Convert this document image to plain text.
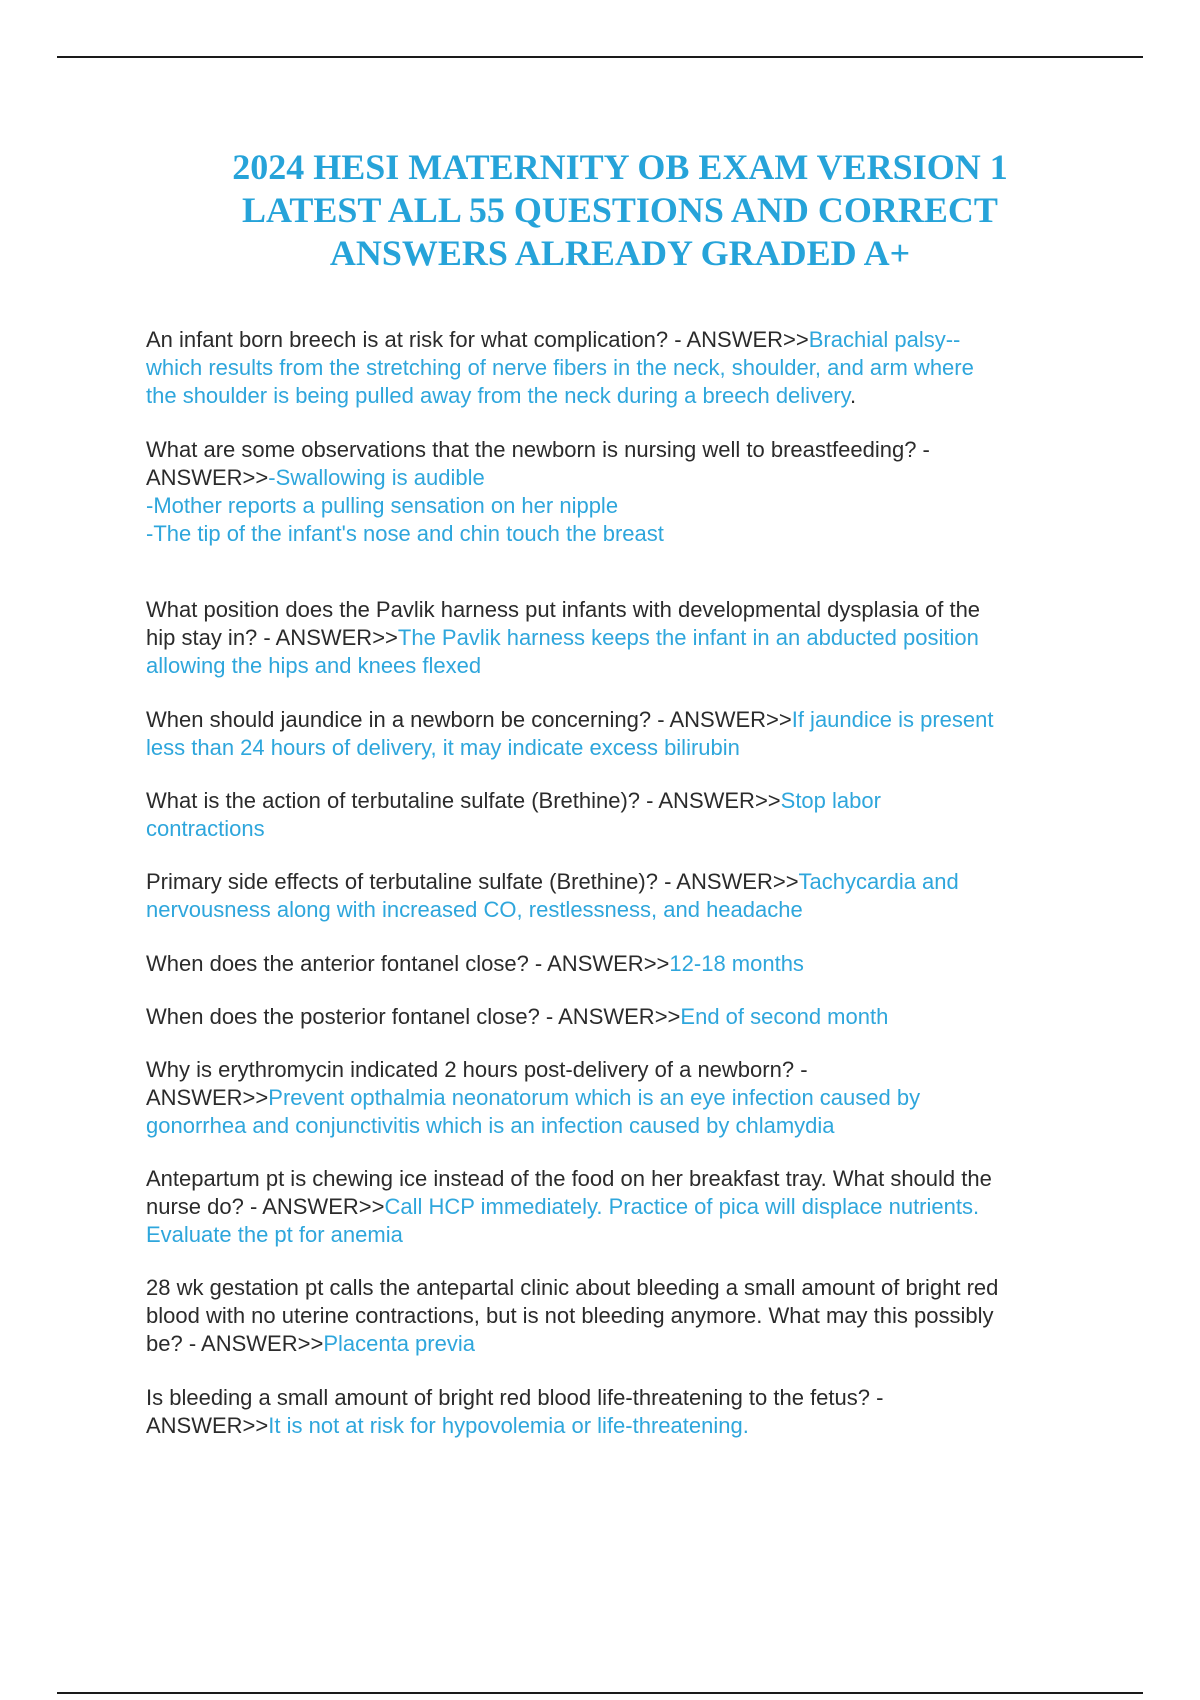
2024 HESI MATERNITY OB EXAM VERSION 1
LATEST ALL 55 QUESTIONS AND CORRECT
ANSWERS ALREADY GRADED A+
An infant born breech is at risk for what complication? - ANSWER>>Brachial palsy--
which results from the stretching of nerve fibers in the neck, shoulder, and arm where
the shoulder is being pulled away from the neck during a breech delivery.
What are some observations that the newborn is nursing well to breastfeeding? -
ANSWER>>-Swallowing is audible
-Mother reports a pulling sensation on her nipple
-The tip of the infant's nose and chin touch the breast
What position does the Pavlik harness put infants with developmental dysplasia of the
hip stay in? - ANSWER>>The Pavlik harness keeps the infant in an abducted position
allowing the hips and knees flexed
When should jaundice in a newborn be concerning? - ANSWER>>If jaundice is present
less than 24 hours of delivery, it may indicate excess bilirubin
What is the action of terbutaline sulfate (Brethine)? - ANSWER>>Stop labor
contractions
Primary side effects of terbutaline sulfate (Brethine)? - ANSWER>>Tachycardia and
nervousness along with increased CO, restlessness, and headache
When does the anterior fontanel close? - ANSWER>>12-18 months
When does the posterior fontanel close? - ANSWER>>End of second month
Why is erythromycin indicated 2 hours post-delivery of a newborn? -
ANSWER>>Prevent opthalmia neonatorum which is an eye infection caused by
gonorrhea and conjunctivitis which is an infection caused by chlamydia
Antepartum pt is chewing ice instead of the food on her breakfast tray. What should the
nurse do? - ANSWER>>Call HCP immediately. Practice of pica will displace nutrients.
Evaluate the pt for anemia
28 wk gestation pt calls the antepartal clinic about bleeding a small amount of bright red
blood with no uterine contractions, but is not bleeding anymore. What may this possibly
be? - ANSWER>>Placenta previa
Is bleeding a small amount of bright red blood life-threatening to the fetus? -
ANSWER>>It is not at risk for hypovolemia or life-threatening.
